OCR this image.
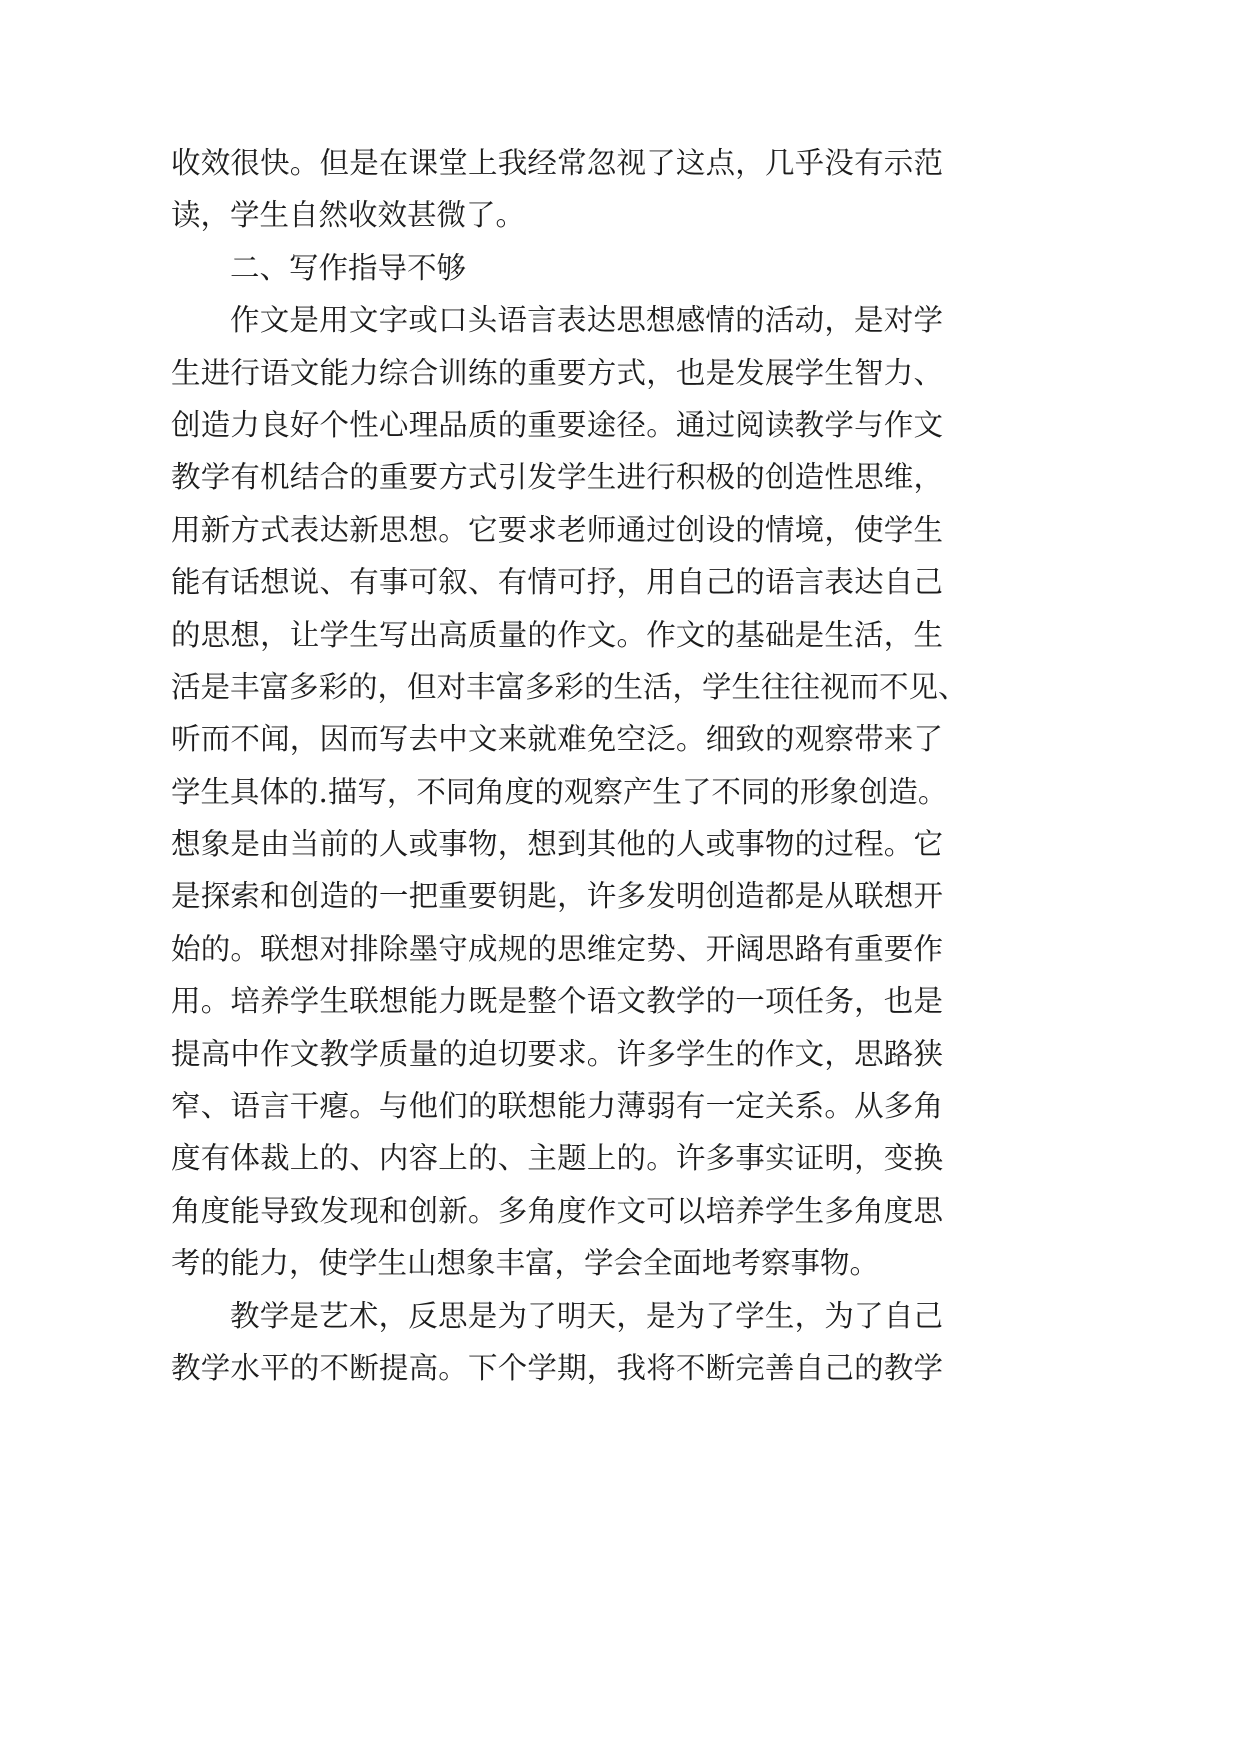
收效很快。但是在课堂上我经常忽视了这点，几乎没有示范
读，学生自然收效甚微了。
二、写作指导不够
作文是用文字或口头语言表达思想感情的活动，是对学
生进行语文能力综合训练的重要方式，也是发展学生智力、
创造力良好个性心理品质的重要途径。通过阅读教学与作文
教学有机结合的重要方式引发学生进行积极的创造性思维，
用新方式表达新思想。它要求老师通过创设的情境，使学生
能有话想说、有事可叙、有情可抒，用自己的语言表达自己
的思想，让学生写出高质量的作文。作文的基础是生活，生
活是丰富多彩的，但对丰富多彩的生活，学生往往视而不见、
听而不闻，因而写去中文来就难免空泛。细致的观察带来了
学生具体的.描写，不同角度的观察产生了不同的形象创造。
想象是由当前的人或事物，想到其他的人或事物的过程。它
是探索和创造的一把重要钥匙，许多发明创造都是从联想开
始的。联想对排除墨守成规的思维定势、开阔思路有重要作
用。培养学生联想能力既是整个语文教学的一项任务，也是
提高中作文教学质量的迫切要求。许多学生的作文，思路狭
窄、语言干瘪。与他们的联想能力薄弱有一定关系。从多角
度有体裁上的、内容上的、主题上的。许多事实证明，变换
角度能导致发现和创新。多角度作文可以培养学生多角度思
考的能力，使学生山想象丰富，学会全面地考察事物。
教学是艺术，反思是为了明天，是为了学生，为了自己
教学水平的不断提高。下个学期，我将不断完善自己的教学
